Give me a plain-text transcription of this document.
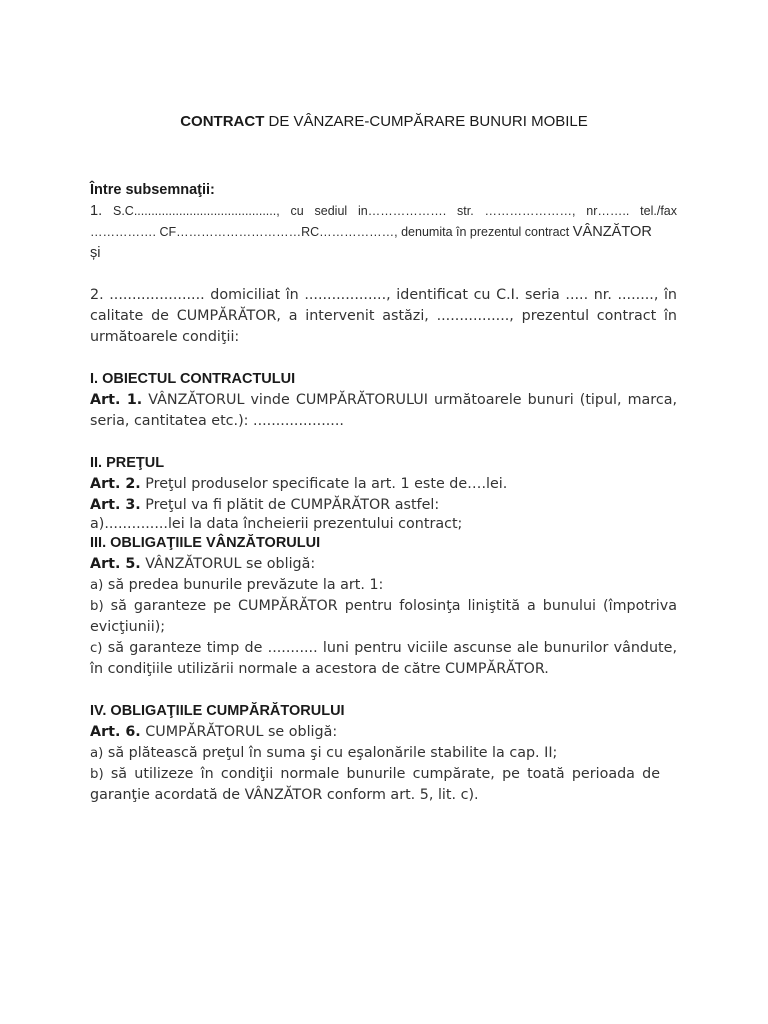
CONTRACT DE VÂNZARE-CUMPĂRARE BUNURI MOBILE
Între subsemnaţii:
1. S.C........................................., cu sediul in………………. str. …………………, nr…….. tel./fax ……………. CF…………………………RC………………, denumita în prezentul contract VÂNZĂTOR
și
2. ..................... domiciliat în .................., identificat cu C.I. seria ..... nr. ........, în calitate de CUMPĂRĂTOR, a intervenit astăzi, ................, prezentul contract în următoarele condiţii:
I. OBIECTUL CONTRACTULUI
Art. 1. VÂNZĂTORUL vinde CUMPĂRĂTORULUI următoarele bunuri (tipul, marca, seria, cantitatea etc.): ....................
II. PREŢUL
Art. 2. Preţul produselor specificate la art. 1 este de….lei.
Art. 3. Preţul va fi plătit de CUMPĂRĂTOR astfel:
a)..............lei la data încheierii prezentului contract;
III. OBLIGAŢIILE VÂNZĂTORULUI
Art. 5. VÂNZĂTORUL se obligă:
a) să predea bunurile prevăzute la art. 1:
b) să garanteze pe CUMPĂRĂTOR pentru folosinţa liniştită a bunului (împotriva evicţiunii);
c) să garanteze timp de ........... luni pentru viciile ascunse ale bunurilor vândute, în condiţiile utilizării normale a acestora de către CUMPĂRĂTOR.
IV. OBLIGAŢIILE CUMPĂRĂTORULUI
Art. 6. CUMPĂRĂTORUL se obligă:
a) să plătească preţul în suma şi cu eşalonările stabilite la cap. II;
b) să utilizeze în condiţii normale bunurile cumpărate, pe toată perioada de garanţie acordată de VÂNZĂTOR conform art. 5, lit. c).
